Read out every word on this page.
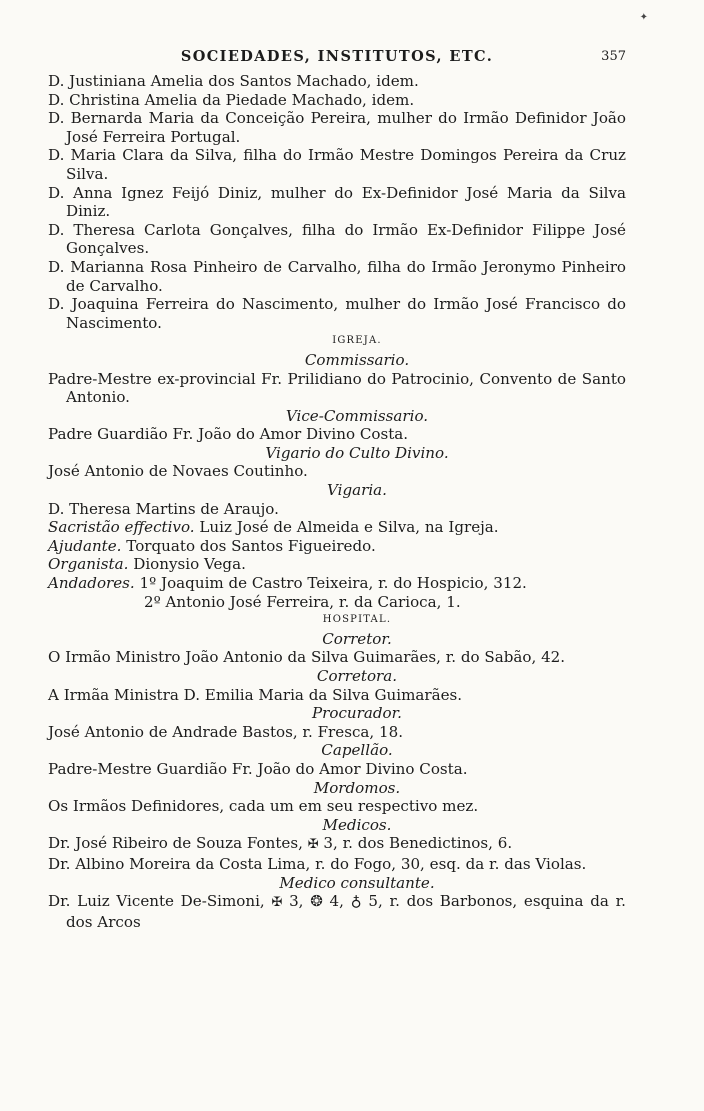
✦
SOCIEDADES, INSTITUTOS, ETC.	357
D. Justiniana Amelia dos Santos Machado, idem.
D. Christina Amelia da Piedade Machado, idem.
D. Bernarda Maria da Conceição Pereira, mulher do Irmão Definidor João José Ferreira Portugal.
D. Maria Clara da Silva, filha do Irmão Mestre Domingos Pereira da Cruz Silva.
D. Anna Ignez Feijó Diniz, mulher do Ex-Definidor José Maria da Silva Diniz.
D. Theresa Carlota Gonçalves, filha do Irmão Ex-Definidor Filippe José Gonçalves.
D. Marianna Rosa Pinheiro de Carvalho, filha do Irmão Jeronymo Pinheiro de Carvalho.
D. Joaquina Ferreira do Nascimento, mulher do Irmão José Francisco do Nascimento.
IGREJA.
Commissario.
Padre-Mestre ex-provincial Fr. Prilidiano do Patrocinio, Convento de Santo Antonio.
Vice-Commissario.
Padre Guardião Fr. João do Amor Divino Costa.
Vigario do Culto Divino.
José Antonio de Novaes Coutinho.
Vigaria.
D. Theresa Martins de Araujo.
Sacristão effectivo. Luiz José de Almeida e Silva, na Igreja.
Ajudante. Torquato dos Santos Figueiredo.
Organista. Dionysio Vega.
Andadores. 1º Joaquim de Castro Teixeira, r. do Hospicio, 312.
2º Antonio José Ferreira, r. da Carioca, 1.
HOSPITAL.
Corretor.
O Irmão Ministro João Antonio da Silva Guimarães, r. do Sabão, 42.
Corretora.
A Irmãa Ministra D. Emilia Maria da Silva Guimarães.
Procurador.
José Antonio de Andrade Bastos, r. Fresca, 18.
Capellão.
Padre-Mestre Guardião Fr. João do Amor Divino Costa.
Mordomos.
Os Irmãos Definidores, cada um em seu respectivo mez.
Medicos.
Dr. José Ribeiro de Souza Fontes, ✠ 3, r. dos Benedictinos, 6.
Dr. Albino Moreira da Costa Lima, r. do Fogo, 30, esq. da r. das Violas.
Medico consultante.
Dr. Luiz Vicente De-Simoni, ✠ 3, ❂ 4, ♁ 5, r. dos Barbonos, esquina da r. dos Arcos
